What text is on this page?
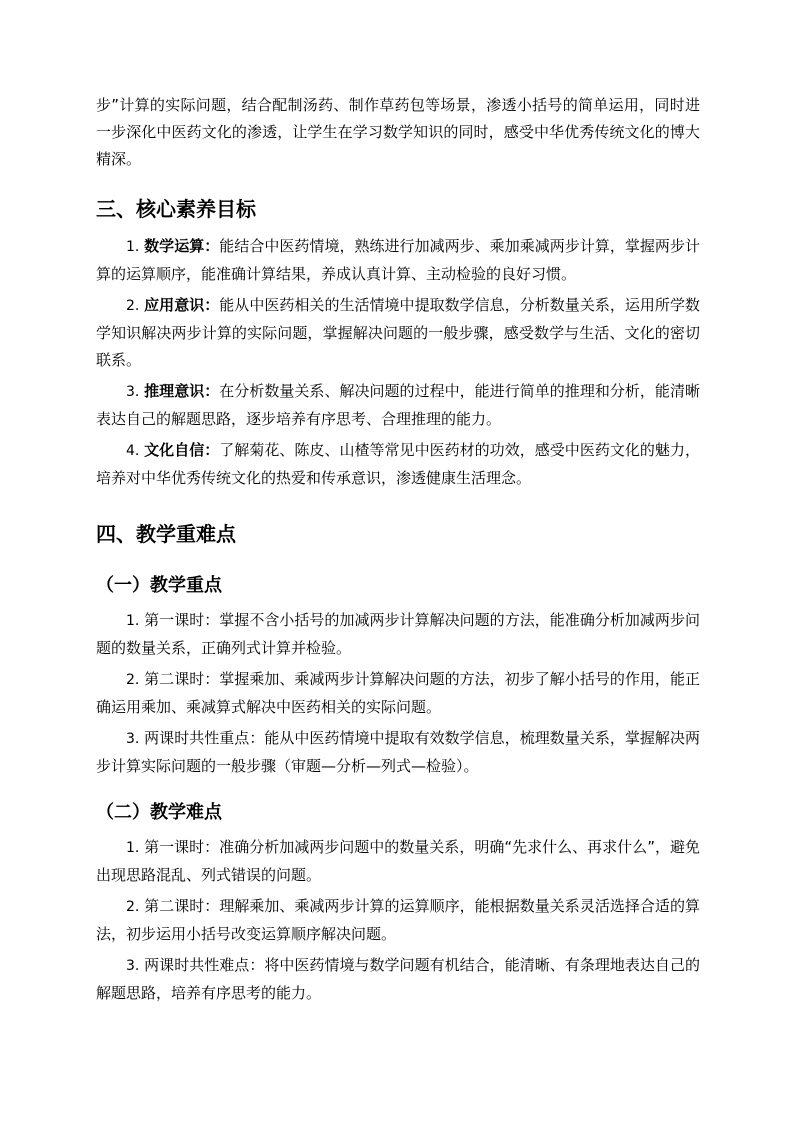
步”计算的实际问题，结合配制汤药、制作草药包等场景，渗透小括号的简单运用，同时进一步深化中医药文化的渗透，让学生在学习数学知识的同时，感受中华优秀传统文化的博大精深。

三、核心素养目标

1. 数学运算：能结合中医药情境，熟练进行加减两步、乘加乘减两步计算，掌握两步计算的运算顺序，能准确计算结果，养成认真计算、主动检验的良好习惯。

2. 应用意识：能从中医药相关的生活情境中提取数学信息，分析数量关系，运用所学数学知识解决两步计算的实际问题，掌握解决问题的一般步骤，感受数学与生活、文化的密切联系。

3. 推理意识：在分析数量关系、解决问题的过程中，能进行简单的推理和分析，能清晰表达自己的解题思路，逐步培养有序思考、合理推理的能力。

4. 文化自信：了解菊花、陈皮、山楂等常见中医药材的功效，感受中医药文化的魅力，培养对中华优秀传统文化的热爱和传承意识，渗透健康生活理念。

四、教学重难点
（一）教学重点

1. 第一课时：掌握不含小括号的加减两步计算解决问题的方法，能准确分析加减两步问题的数量关系，正确列式计算并检验。

2. 第二课时：掌握乘加、乘减两步计算解决问题的方法，初步了解小括号的作用，能正确运用乘加、乘减算式解决中医药相关的实际问题。

3. 两课时共性重点：能从中医药情境中提取有效数学信息，梳理数量关系，掌握解决两步计算实际问题的一般步骤（审题—分析—列式—检验）。

（二）教学难点

1. 第一课时：准确分析加减两步问题中的数量关系，明确“先求什么、再求什么”，避免出现思路混乱、列式错误的问题。

2. 第二课时：理解乘加、乘减两步计算的运算顺序，能根据数量关系灵活选择合适的算法，初步运用小括号改变运算顺序解决问题。

3. 两课时共性难点：将中医药情境与数学问题有机结合，能清晰、有条理地表达自己的解题思路，培养有序思考的能力。
